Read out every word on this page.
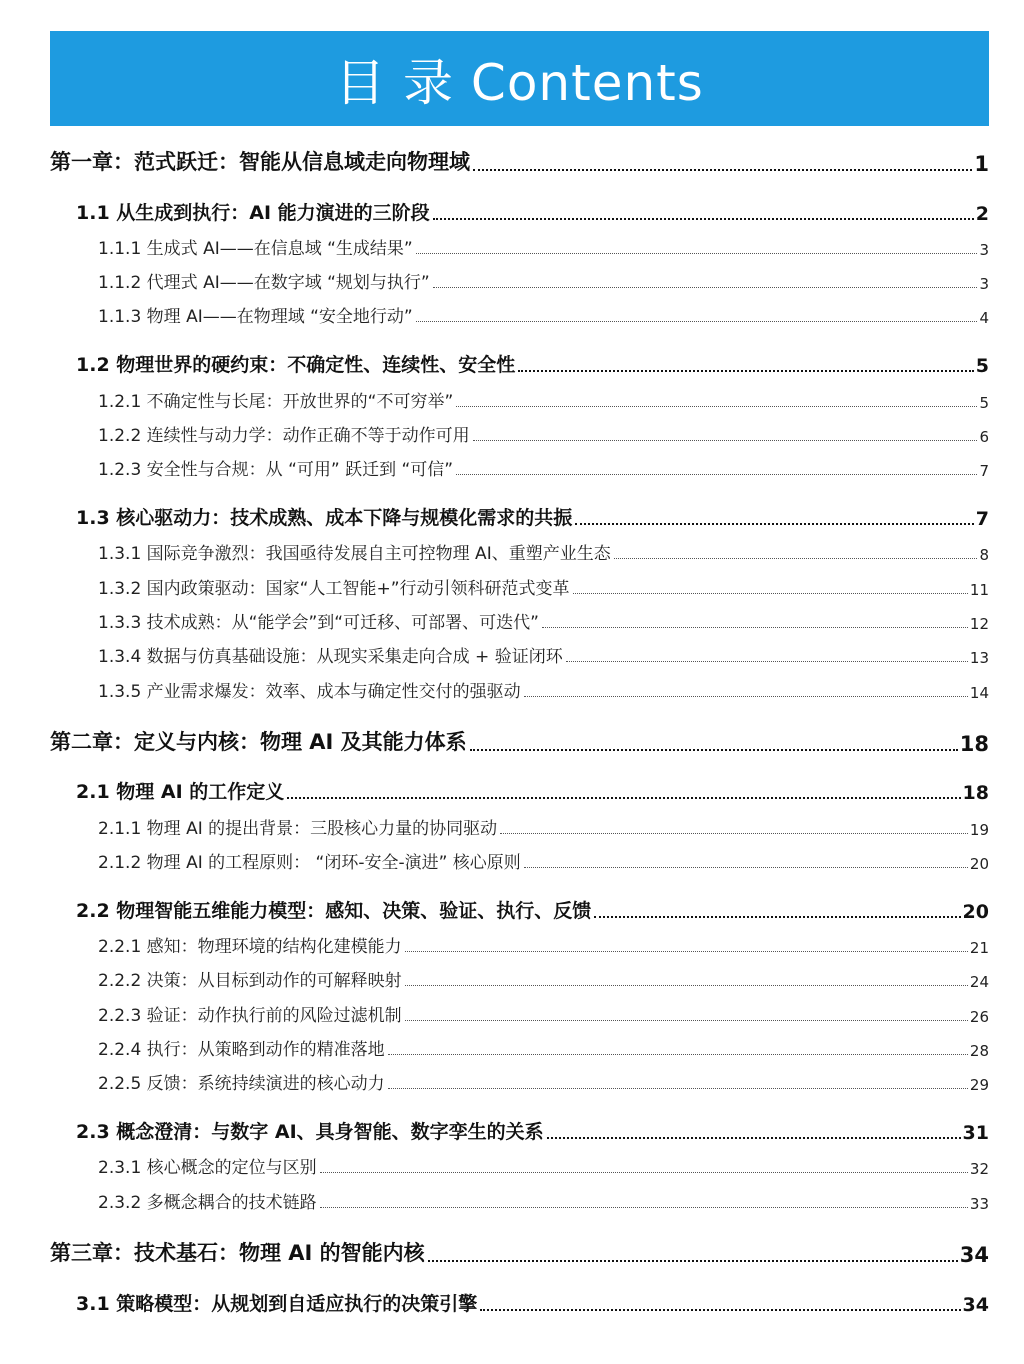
目 录 Contents
第一章：范式跃迁：智能从信息域走向物理域	1
1.1 从生成到执行：AI 能力演进的三阶段	2
1.1.1 生成式 AI——在信息域 “生成结果”	3
1.1.2 代理式 AI——在数字域 “规划与执行”	3
1.1.3 物理 AI——在物理域 “安全地行动”	4
1.2 物理世界的硬约束：不确定性、连续性、安全性	5
1.2.1 不确定性与长尾：开放世界的“不可穷举”	5
1.2.2 连续性与动力学：动作正确不等于动作可用	6
1.2.3 安全性与合规：从 “可用” 跃迁到 “可信”	7
1.3 核心驱动力：技术成熟、成本下降与规模化需求的共振	7
1.3.1 国际竞争激烈：我国亟待发展自主可控物理 AI、重塑产业生态	8
1.3.2 国内政策驱动：国家“人工智能+”行动引领科研范式变革	11
1.3.3 技术成熟：从“能学会”到“可迁移、可部署、可迭代”	12
1.3.4 数据与仿真基础设施：从现实采集走向合成 + 验证闭环	13
1.3.5 产业需求爆发：效率、成本与确定性交付的强驱动	14
第二章：定义与内核：物理 AI 及其能力体系	18
2.1 物理 AI 的工作定义	18
2.1.1 物理 AI 的提出背景：三股核心力量的协同驱动	19
2.1.2 物理 AI 的工程原则： “闭环-安全-演进” 核心原则	20
2.2 物理智能五维能力模型：感知、决策、验证、执行、反馈	20
2.2.1 感知：物理环境的结构化建模能力	21
2.2.2 决策：从目标到动作的可解释映射	24
2.2.3 验证：动作执行前的风险过滤机制	26
2.2.4 执行：从策略到动作的精准落地	28
2.2.5 反馈：系统持续演进的核心动力	29
2.3 概念澄清：与数字 AI、具身智能、数字孪生的关系	31
2.3.1 核心概念的定位与区别	32
2.3.2 多概念耦合的技术链路	33
第三章：技术基石：物理 AI 的智能内核	34
3.1 策略模型：从规划到自适应执行的决策引擎	34
